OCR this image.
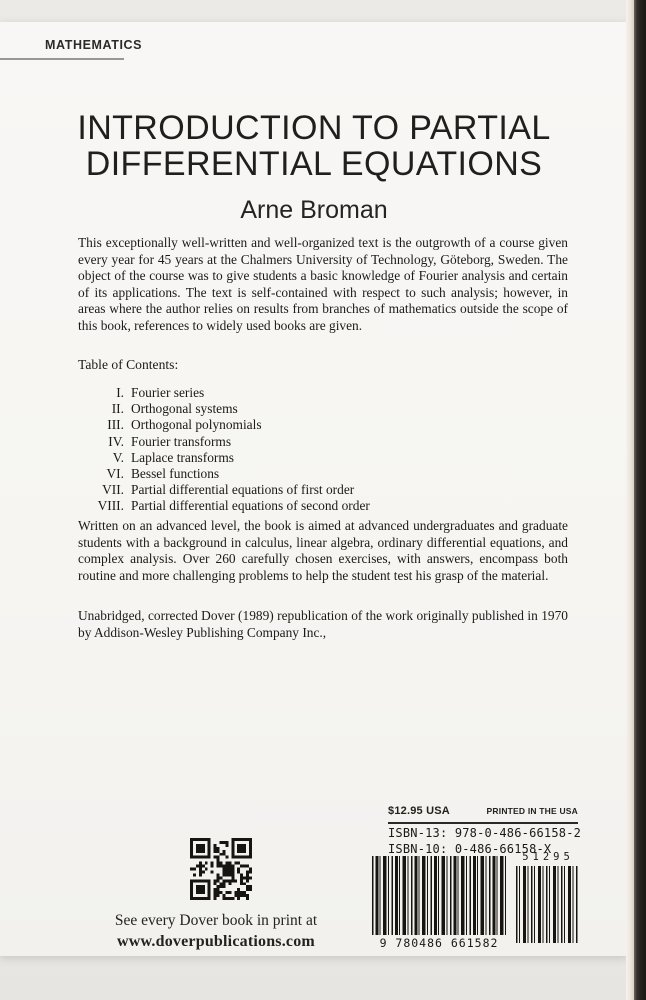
MATHEMATICS
INTRODUCTION TO PARTIAL
DIFFERENTIAL EQUATIONS
Arne Broman
This exceptionally well-written and well-organized text is the outgrowth of a course given every year for 45 years at the Chalmers University of Technology, Göteborg, Sweden. The object of the course was to give students a basic knowledge of Fourier analysis and certain of its applications. The text is self-contained with respect to such analysis; however, in areas where the author relies on results from branches of mathematics outside the scope of this book, references to widely used books are given.
Table of Contents:
I. Fourier series
II. Orthogonal systems
III. Orthogonal polynomials
IV. Fourier transforms
V. Laplace transforms
VI. Bessel functions
VII. Partial differential equations of first order
VIII. Partial differential equations of second order
Written on an advanced level, the book is aimed at advanced undergraduates and graduate students with a background in calculus, linear algebra, ordinary differential equations, and complex analysis. Over 260 carefully chosen exercises, with answers, encompass both routine and more challenging problems to help the student test his grasp of the material.
Unabridged, corrected Dover (1989) republication of the work originally published in 1970 by Addison-Wesley Publishing Company Inc.,
$12.95 USA	PRINTED IN THE USA
ISBN-13: 978-0-486-66158-2
ISBN-10: 0-486-66158-X
9 780486 661582
51295
See every Dover book in print at
www.doverpublications.com
